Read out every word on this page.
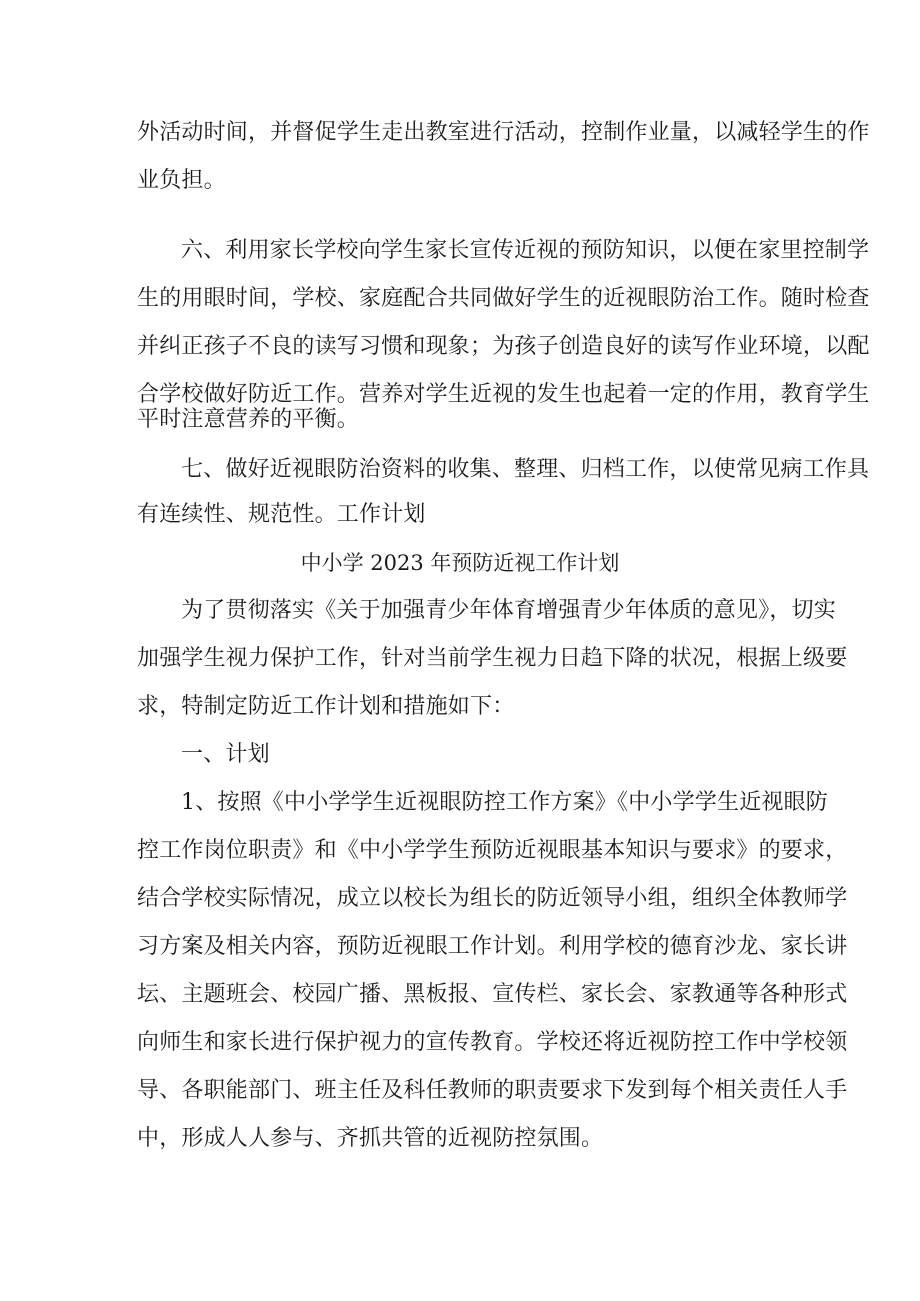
外活动时间，并督促学生走出教室进行活动，控制作业量，以减轻学生的作
业负担。
六、利用家长学校向学生家长宣传近视的预防知识，以便在家里控制学
生的用眼时间，学校、家庭配合共同做好学生的近视眼防治工作。随时检查
并纠正孩子不良的读写习惯和现象；为孩子创造良好的读写作业环境，以配
合学校做好防近工作。营养对学生近视的发生也起着一定的作用，教育学生
平时注意营养的平衡。
七、做好近视眼防治资料的收集、整理、归档工作，以使常见病工作具
有连续性、规范性。工作计划
中小学 2023 年预防近视工作计划
为了贯彻落实《关于加强青少年体育增强青少年体质的意见》，切实
加强学生视力保护工作，针对当前学生视力日趋下降的状况，根据上级要
求，特制定防近工作计划和措施如下：
一、计划
1、按照《中小学学生近视眼防控工作方案》《中小学学生近视眼防
控工作岗位职责》和《中小学学生预防近视眼基本知识与要求》的要求，
结合学校实际情况，成立以校长为组长的防近领导小组，组织全体教师学
习方案及相关内容，预防近视眼工作计划。利用学校的德育沙龙、家长讲
坛、主题班会、校园广播、黑板报、宣传栏、家长会、家教通等各种形式
向师生和家长进行保护视力的宣传教育。学校还将近视防控工作中学校领
导、各职能部门、班主任及科任教师的职责要求下发到每个相关责任人手
中，形成人人参与、齐抓共管的近视防控氛围。
